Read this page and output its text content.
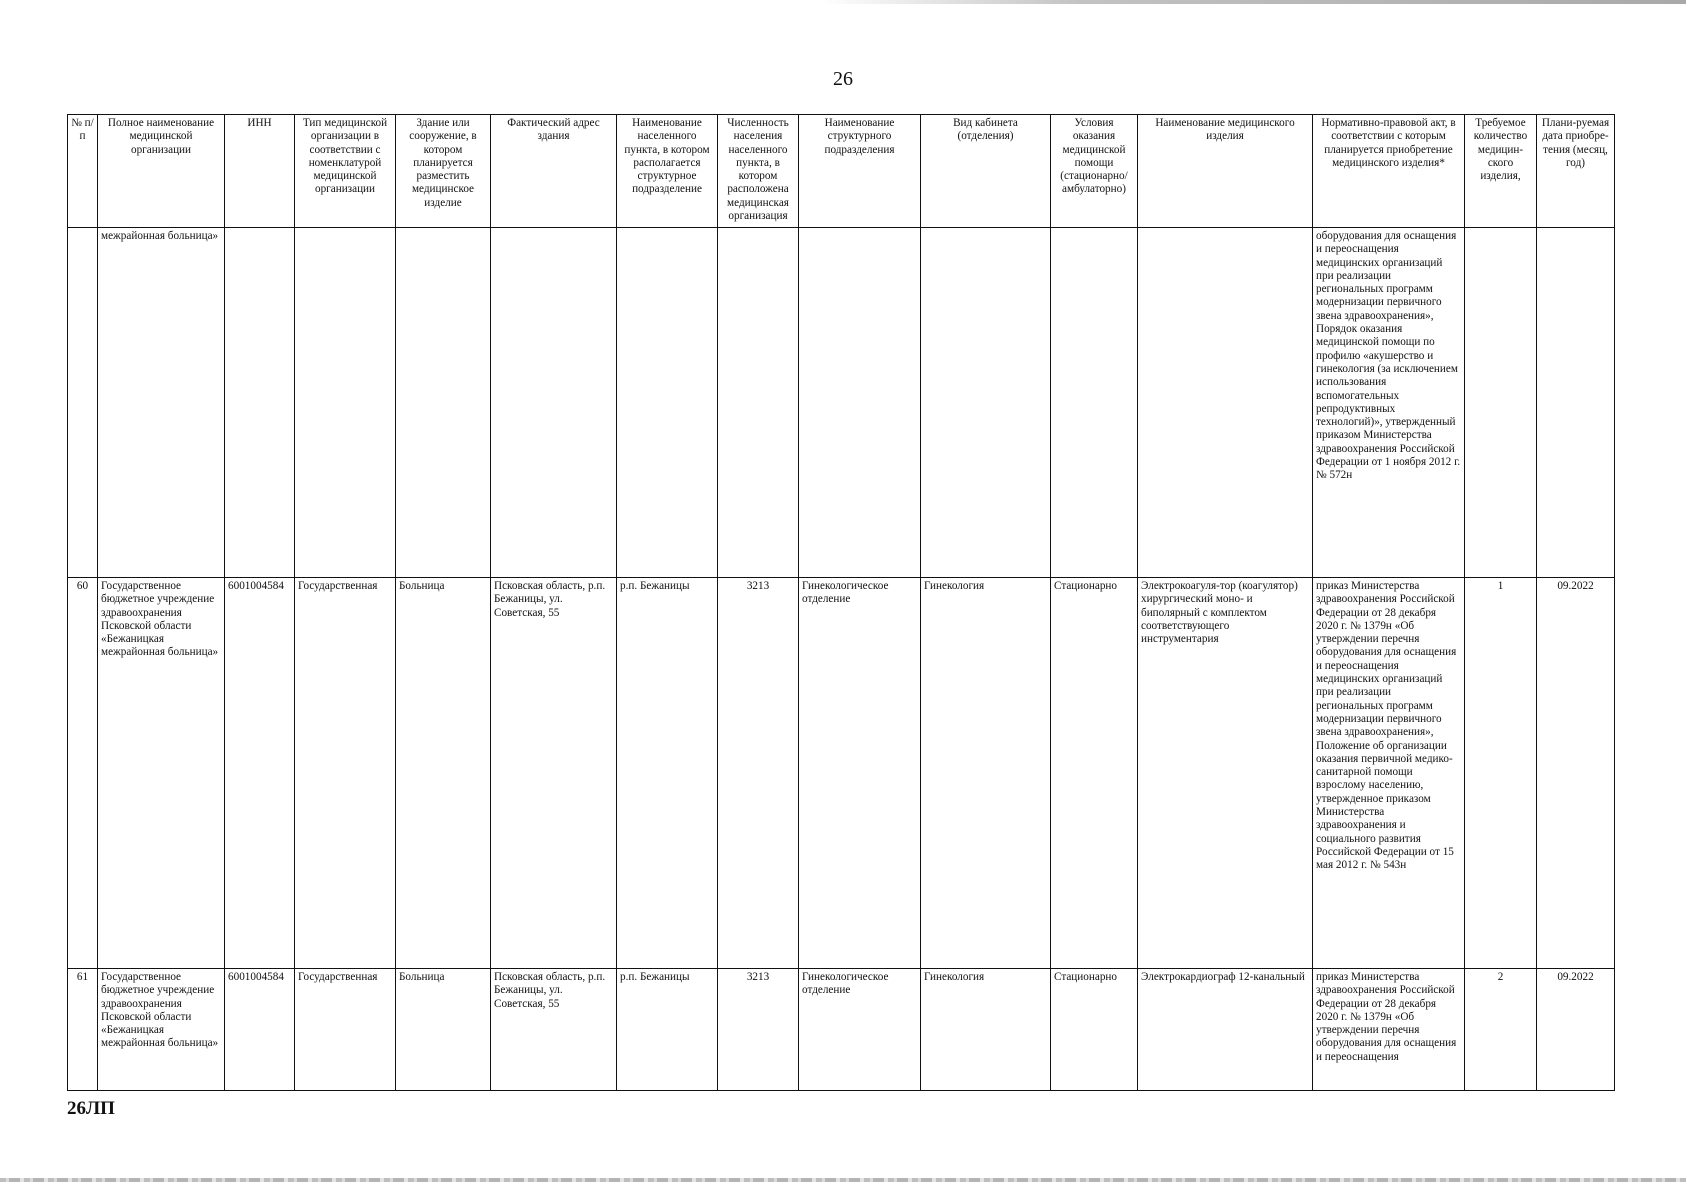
26
№ п/п	Полное наименование медицинской организации	ИНН	Тип медицинской организации в соответствии с номенклатурой медицинской организации	Здание или сооружение, в котором планируется разместить медицинское изделие	Фактический адрес здания	Наименование населенного пункта, в котором располагается структурное подразделение	Численность населения населенного пункта, в котором расположена медицинская организация	Наименование структурного подразделения	Вид кабинета (отделения)	Условия оказания медицинской помощи (стационарно/ амбулаторно)	Наименование медицинского изделия	Нормативно-правовой акт, в соответствии с которым планируется приобретение медицинского изделия*	Требуемое количество медицин-ского изделия,	Плани-руемая дата приобре-тения (месяц, год)
	межрайонная больница»											оборудования для оснащения и переоснащения медицинских организаций при реализации региональных программ модернизации первичного звена здравоохранения», Порядок оказания медицинской помощи по профилю «акушерство и гинекология (за исключением использования вспомогательных репродуктивных технологий)», утвержденный приказом Министерства здравоохранения Российской Федерации от 1 ноября 2012 г. № 572н		
60	Государственное бюджетное учреждение здравоохранения Псковской области «Бежаницкая межрайонная больница»	6001004584	Государственная	Больница	Псковская область, р.п. Бежаницы, ул. Советская, 55	р.п. Бежаницы	3213	Гинекологическое отделение	Гинекология	Стационарно	Электрокоагуля-тор (коагулятор) хирургический моно- и биполярный с комплектом соответствующего инструментария	приказ Министерства здравоохранения Российской Федерации от 28 декабря 2020 г. № 1379н «Об утверждении перечня оборудования для оснащения и переоснащения медицинских организаций при реализации региональных программ модернизации первичного звена здравоохранения», Положение об организации оказания первичной медико-санитарной помощи взрослому населению, утвержденное приказом Министерства здравоохранения и социального развития Российской Федерации от 15 мая 2012 г. № 543н	1	09.2022
61	Государственное бюджетное учреждение здравоохранения Псковской области «Бежаницкая межрайонная больница»	6001004584	Государственная	Больница	Псковская область, р.п. Бежаницы, ул. Советская, 55	р.п. Бежаницы	3213	Гинекологическое отделение	Гинекология	Стационарно	Электрокардиограф 12-канальный	приказ Министерства здравоохранения Российской Федерации от 28 декабря 2020 г. № 1379н «Об утверждении перечня оборудования для оснащения и переоснащения	2	09.2022
26ЛП
